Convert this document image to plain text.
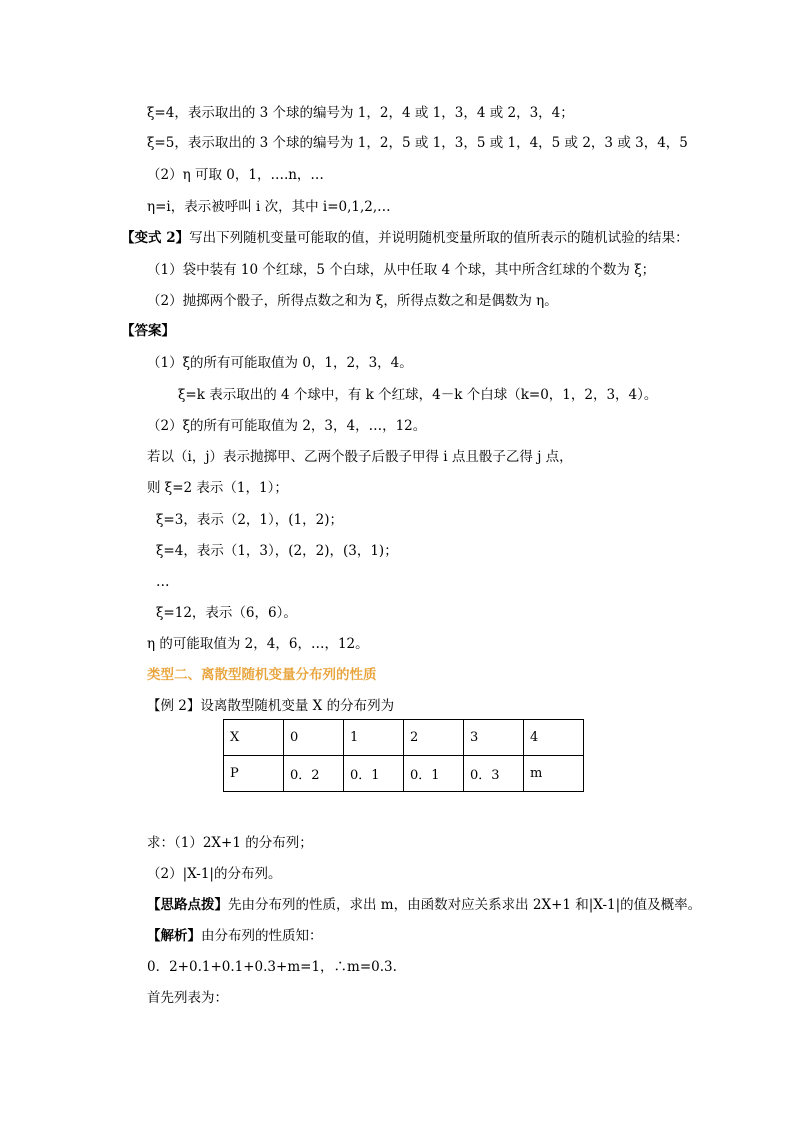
ξ=4，表示取出的 3 个球的编号为 1，2，4 或 1，3，4 或 2，3，4；
ξ=5，表示取出的 3 个球的编号为 1，2，5 或 1，3，5 或 1，4，5 或 2，3 或 3，4，5
（2）η 可取 0，1，….n，…
η=i，表示被呼叫 i 次，其中 i=0,1,2,…
【变式 2】写出下列随机变量可能取的值，并说明随机变量所取的值所表示的随机试验的结果：
（1）袋中装有 10 个红球，5 个白球，从中任取 4 个球，其中所含红球的个数为 ξ；
（2）抛掷两个骰子，所得点数之和为 ξ，所得点数之和是偶数为 η。
【答案】
（1）ξ的所有可能取值为 0，1，2，3，4。
ξ=k 表示取出的 4 个球中，有 k 个红球，4－k 个白球（k=0，1，2，3，4）。
（2）ξ的所有可能取值为 2，3，4，…，12。
若以（i，j）表示抛掷甲、乙两个骰子后骰子甲得 i 点且骰子乙得 j 点，
则 ξ=2 表示（1，1）；
ξ=3，表示（2，1），(1，2)；
ξ=4，表示（1，3），(2，2)，(3，1)；
…
ξ=12，表示（6，6）。
η 的可能取值为 2，4，6，…，12。
类型二、离散型随机变量分布列的性质
【例 2】设离散型随机变量 X 的分布列为
X	0	1	2	3	4
P	0．2	0．1	0．1	0．3	m
求：（1）2X+1 的分布列；
（2）|X-1|的分布列。
【思路点拨】先由分布列的性质，求出 m，由函数对应关系求出 2X+1 和|X-1|的值及概率。
【解析】由分布列的性质知：
0．2+0.1+0.1+0.3+m=1，∴m=0.3.
首先列表为：
